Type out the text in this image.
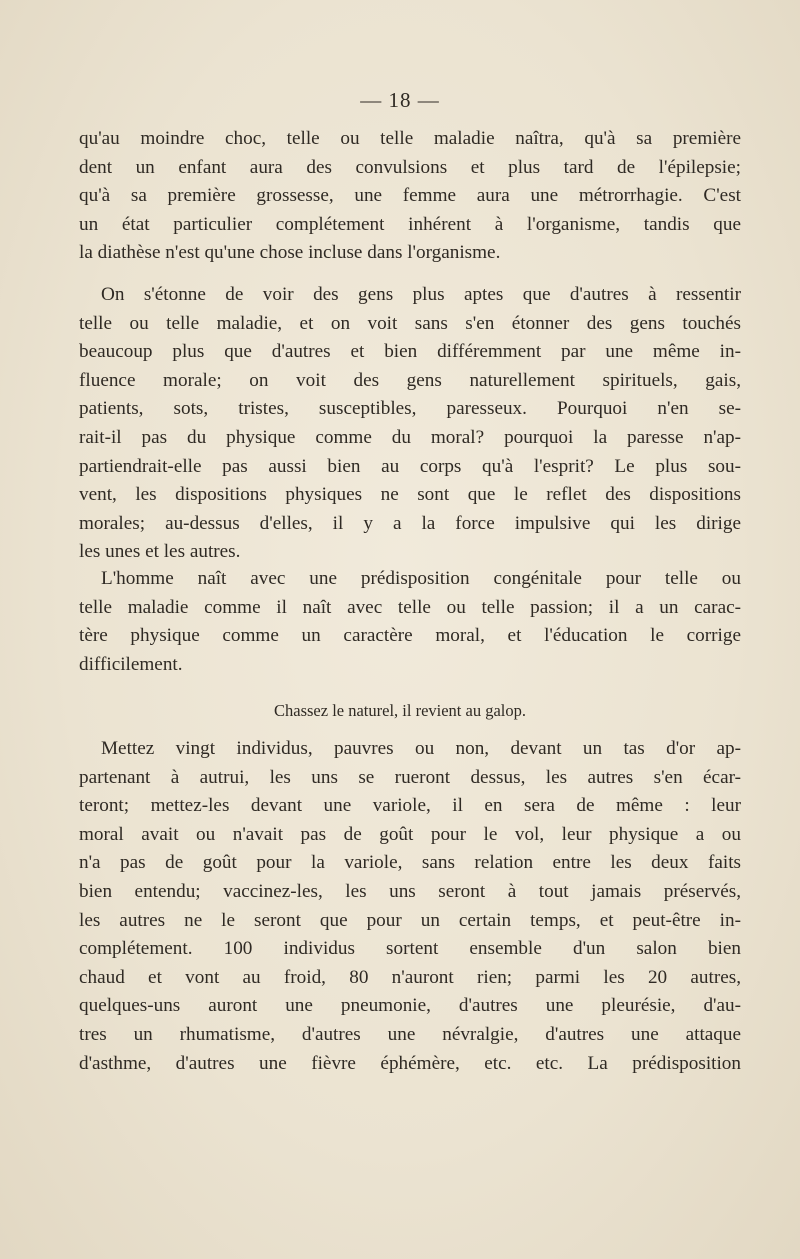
— 18 —
qu'au moindre choc, telle ou telle maladie naîtra, qu'à sa première
dent un enfant aura des convulsions et plus tard de l'épilepsie;
qu'à sa première grossesse, une femme aura une métrorrhagie. C'est
un état particulier complétement inhérent à l'organisme, tandis que
la diathèse n'est qu'une chose incluse dans l'organisme.
On s'étonne de voir des gens plus aptes que d'autres à ressentir
telle ou telle maladie, et on voit sans s'en étonner des gens touchés
beaucoup plus que d'autres et bien différemment par une même in-
fluence morale; on voit des gens naturellement spirituels, gais,
patients, sots, tristes, susceptibles, paresseux. Pourquoi n'en se-
rait-il pas du physique comme du moral? pourquoi la paresse n'ap-
partiendrait-elle pas aussi bien au corps qu'à l'esprit? Le plus sou-
vent, les dispositions physiques ne sont que le reflet des dispositions
morales; au-dessus d'elles, il y a la force impulsive qui les dirige
les unes et les autres.
L'homme naît avec une prédisposition congénitale pour telle ou
telle maladie comme il naît avec telle ou telle passion; il a un carac-
tère physique comme un caractère moral, et l'éducation le corrige
difficilement.
Chassez le naturel, il revient au galop.
Mettez vingt individus, pauvres ou non, devant un tas d'or ap-
partenant à autrui, les uns se rueront dessus, les autres s'en écar-
teront; mettez-les devant une variole, il en sera de même : leur
moral avait ou n'avait pas de goût pour le vol, leur physique a ou
n'a pas de goût pour la variole, sans relation entre les deux faits
bien entendu; vaccinez-les, les uns seront à tout jamais préservés,
les autres ne le seront que pour un certain temps, et peut-être in-
complétement. 100 individus sortent ensemble d'un salon bien
chaud et vont au froid, 80 n'auront rien; parmi les 20 autres,
quelques-uns auront une pneumonie, d'autres une pleurésie, d'au-
tres un rhumatisme, d'autres une névralgie, d'autres une attaque
d'asthme, d'autres une fièvre éphémère, etc. etc. La prédisposition
